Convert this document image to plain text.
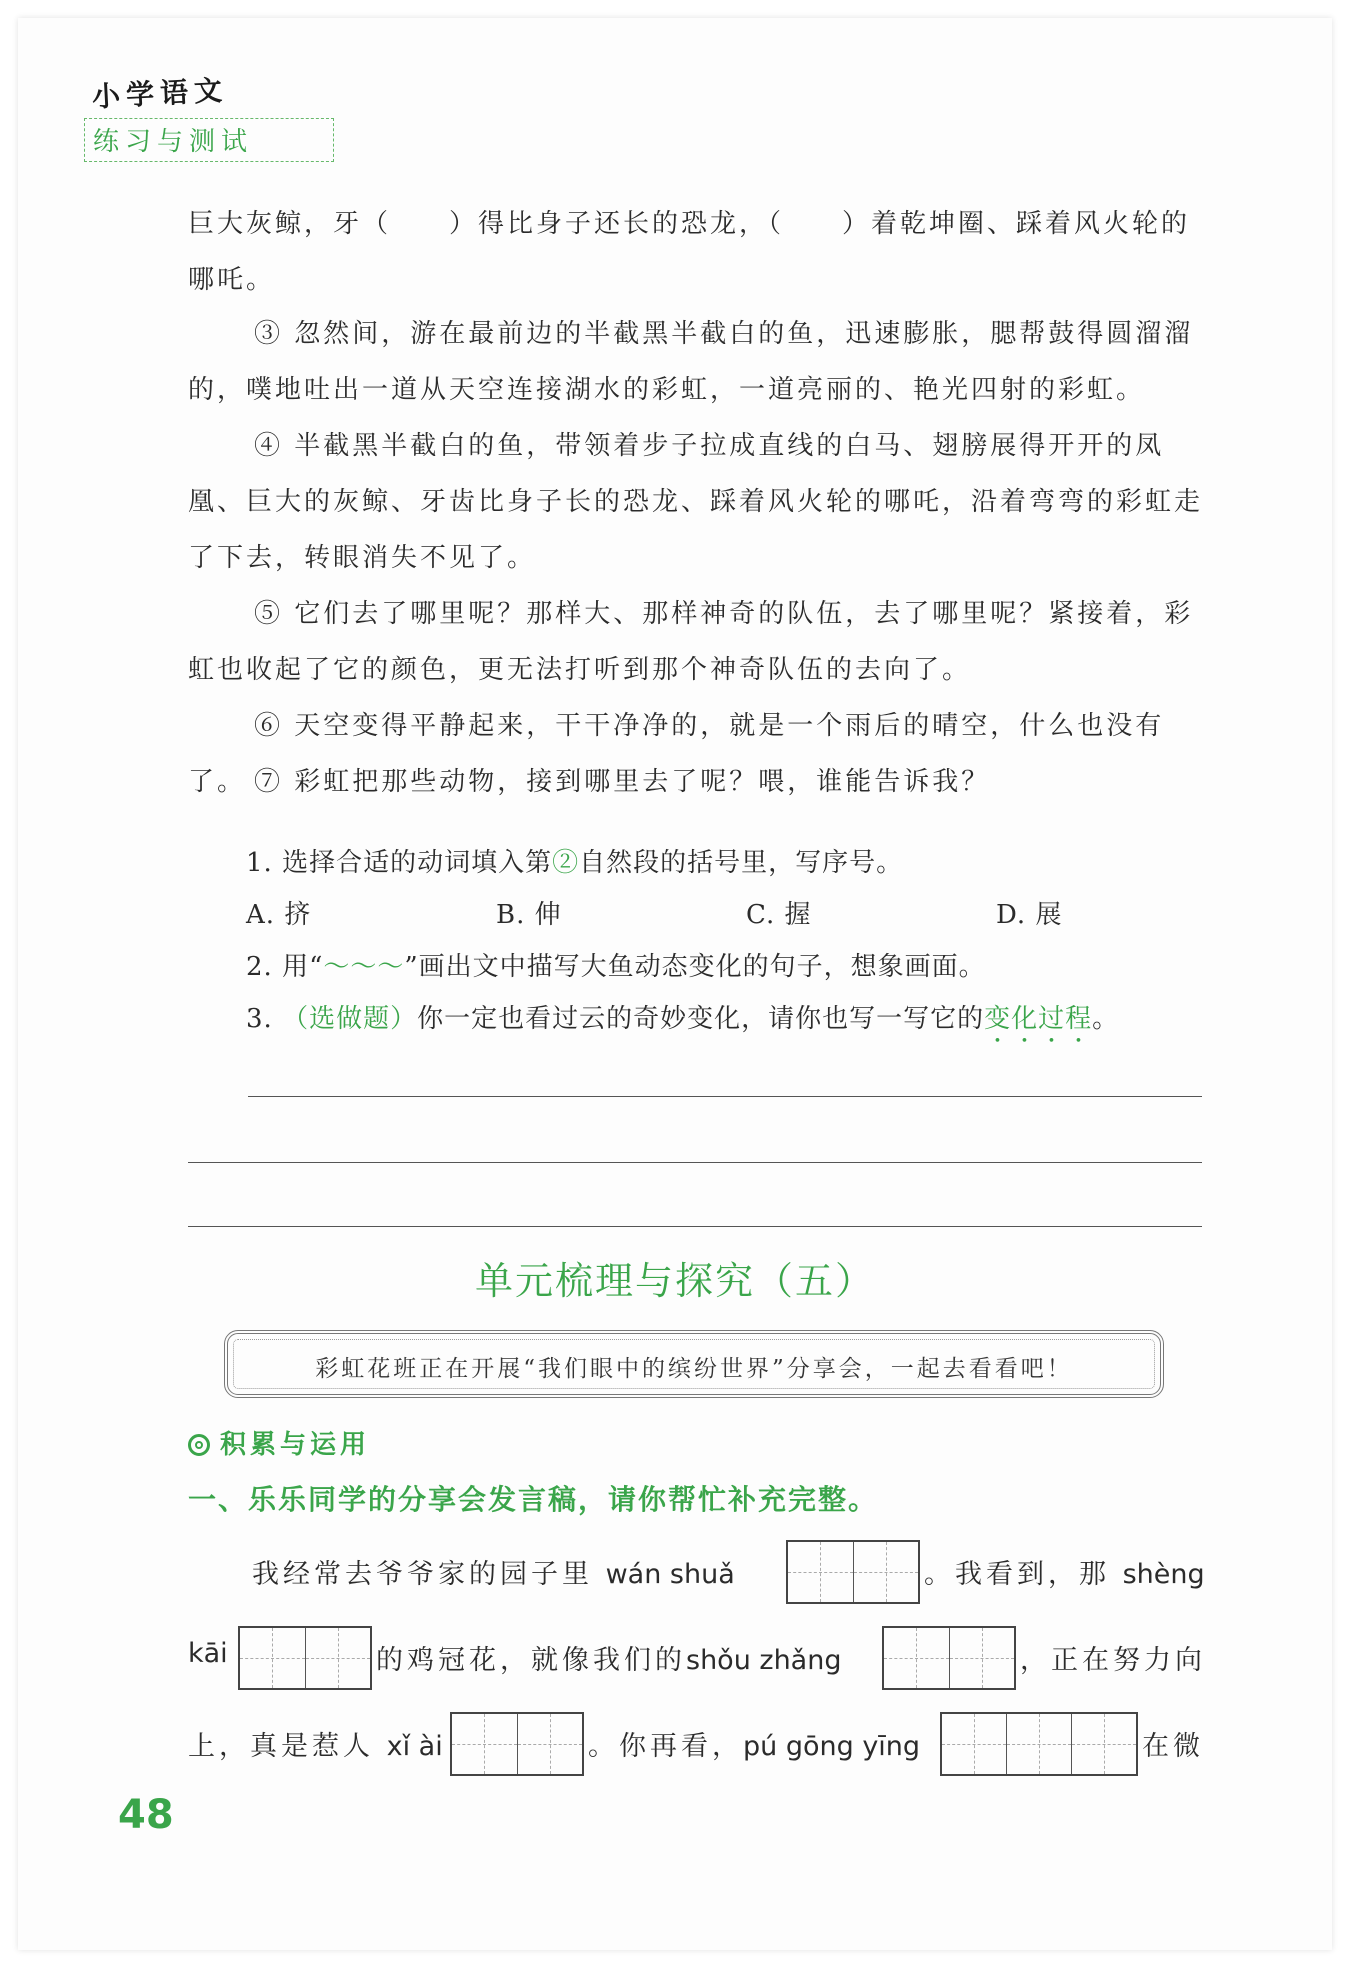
小学语文
练习与测试
巨大灰鲸，牙（　　）得比身子还长的恐龙，（　　）着乾坤圈、踩着风火轮的哪吒。
③ 忽然间，游在最前边的半截黑半截白的鱼，迅速膨胀，腮帮鼓得圆溜溜的，噗地吐出一道从天空连接湖水的彩虹，一道亮丽的、艳光四射的彩虹。
④ 半截黑半截白的鱼，带领着步子拉成直线的白马、翅膀展得开开的凤凰、巨大的灰鲸、牙齿比身子长的恐龙、踩着风火轮的哪吒，沿着弯弯的彩虹走了下去，转眼消失不见了。
⑤ 它们去了哪里呢？那样大、那样神奇的队伍，去了哪里呢？紧接着，彩虹也收起了它的颜色，更无法打听到那个神奇队伍的去向了。
⑥ 天空变得平静起来，干干净净的，就是一个雨后的晴空，什么也没有了。 ⑦ 彩虹把那些动物，接到哪里去了呢？喂，谁能告诉我？
1. 选择合适的动词填入第②自然段的括号里，写序号。
A. 挤	B. 伸	C. 握	D. 展
2. 用“～～～”画出文中描写大鱼动态变化的句子，想象画面。
3. （选做题）你一定也看过云的奇妙变化，请你也写一写它的变化过程。
单元梳理与探究（五）
彩虹花班正在开展“我们眼中的缤纷世界”分享会，一起去看看吧！
积累与运用
一、乐乐同学的分享会发言稿，请你帮忙补充完整。
我经常去爷爷家的园子里 wán shuǎ	。我看到，那 shèng
kāi	的鸡冠花，就像我们的shǒu zhǎng	，正在努力向
上，真是惹人 xǐ ài	。你再看，pú gōng yīng	在微
48
